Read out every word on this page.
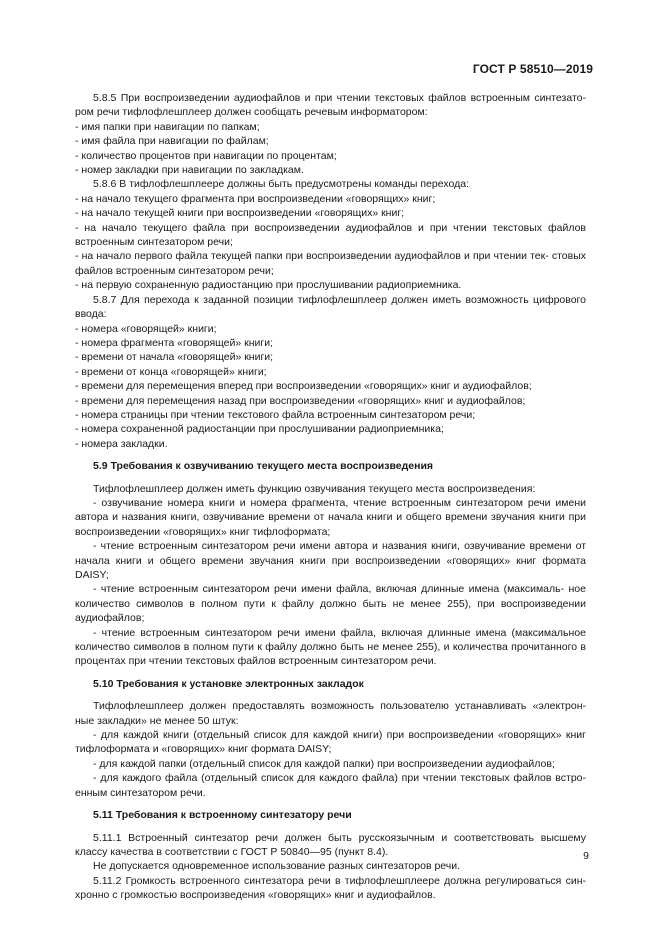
ГОСТ Р 58510—2019

5.8.5 При воспроизведении аудиофайлов и при чтении текстовых файлов встроенным синтезато- ром речи тифлофлешплеер должен сообщать речевым информатором:

- имя папки при навигации по папкам;

- имя файла при навигации по файлам;

- количество процентов при навигации по процентам;

- номер закладки при навигации по закладкам.

5.8.6 В тифлофлешплеере должны быть предусмотрены команды перехода:

- на начало текущего фрагмента при воспроизведении «говорящих» книг;

- на начало текущей книги при воспроизведении «говорящих» книг;

- на начало текущего файла при воспроизведении аудиофайлов и при чтении текстовых файлов встроенным синтезатором речи;

- на начало первого файла текущей папки при воспроизведении аудиофайлов и при чтении тек- стовых файлов встроенным синтезатором речи;

- на первую сохраненную радиостанцию при прослушивании радиоприемника.

5.8.7 Для перехода к заданной позиции тифлофлешплеер должен иметь возможность цифрового ввода:

- номера «говорящей» книги;

- номера фрагмента «говорящей» книги;

- времени от начала «говорящей» книги;

- времени от конца «говорящей» книги;

- времени для перемещения вперед при воспроизведении «говорящих» книг и аудиофайлов;

- времени для перемещения назад при воспроизведении «говорящих» книг и аудиофайлов;

- номера страницы при чтении текстового файла встроенным синтезатором речи;

- номера сохраненной радиостанции при прослушивании радиоприемника;

- номера закладки.

5.9 Требования к озвучиванию текущего места воспроизведения

Тифлофлешплеер должен иметь функцию озвучивания текущего места воспроизведения:

- озвучивание номера книги и номера фрагмента, чтение встроенным синтезатором речи имени автора и названия книги, озвучивание времени от начала книги и общего времени звучания книги при воспроизведении «говорящих» книг тифлоформата;

- чтение встроенным синтезатором речи имени автора и названия книги, озвучивание времени от начала книги и общего времени звучания книги при воспроизведении «говорящих» книг формата DAISY;

- чтение встроенным синтезатором речи имени файла, включая длинные имена (максималь- ное количество символов в полном пути к файлу должно быть не менее 255), при воспроизведении аудиофайлов;

- чтение встроенным синтезатором речи имени файла, включая длинные имена (максимальное количество символов в полном пути к файлу должно быть не менее 255), и количества прочитанного в процентах при чтении текстовых файлов встроенным синтезатором речи.

5.10 Требования к установке электронных закладок

Тифлофлешплеер должен предоставлять возможность пользователю устанавливать «электрон- ные закладки» не менее 50 штук:

- для каждой книги (отдельный список для каждой книги) при воспроизведении «говорящих» книг тифлоформата и «говорящих» книг формата DAISY;

- для каждой папки (отдельный список для каждой папки) при воспроизведении аудиофайлов;

- для каждого файла (отдельный список для каждого файла) при чтении текстовых файлов встро- енным синтезатором речи.

5.11 Требования к встроенному синтезатору речи

5.11.1 Встроенный синтезатор речи должен быть русскоязычным и соответствовать высшему классу качества в соответствии с ГОСТ Р 50840—95 (пункт 8.4).

Не допускается одновременное использование разных синтезаторов речи.

5.11.2 Громкость встроенного синтезатора речи в тифлофлешплеере должна регулироваться син- хронно с громкостью воспроизведения «говорящих» книг и аудиофайлов.

9
